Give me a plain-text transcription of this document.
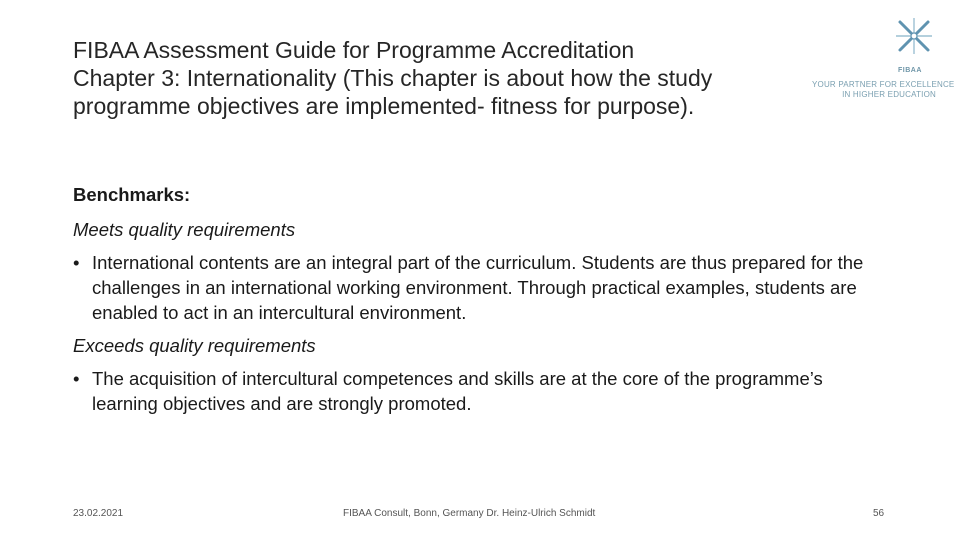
FIBAA Assessment Guide for Programme Accreditation
Chapter 3: Internationality (This chapter is about how the study
programme objectives are implemented- fitness for purpose).
FIBAA
YOUR PARTNER FOR EXCELLENCE
IN HIGHER EDUCATION

Benchmarks:

Meets quality requirements

• International contents are an integral part of the curriculum. Students are thus prepared for the challenges in an international working environment. Through practical examples, students are enabled to act in an intercultural environment.

Exceeds quality requirements

• The acquisition of intercultural competences and skills are at the core of the programme’s learning objectives and are strongly promoted.
23.02.2021	FIBAA Consult, Bonn, Germany Dr. Heinz-Ulrich Schmidt	56
